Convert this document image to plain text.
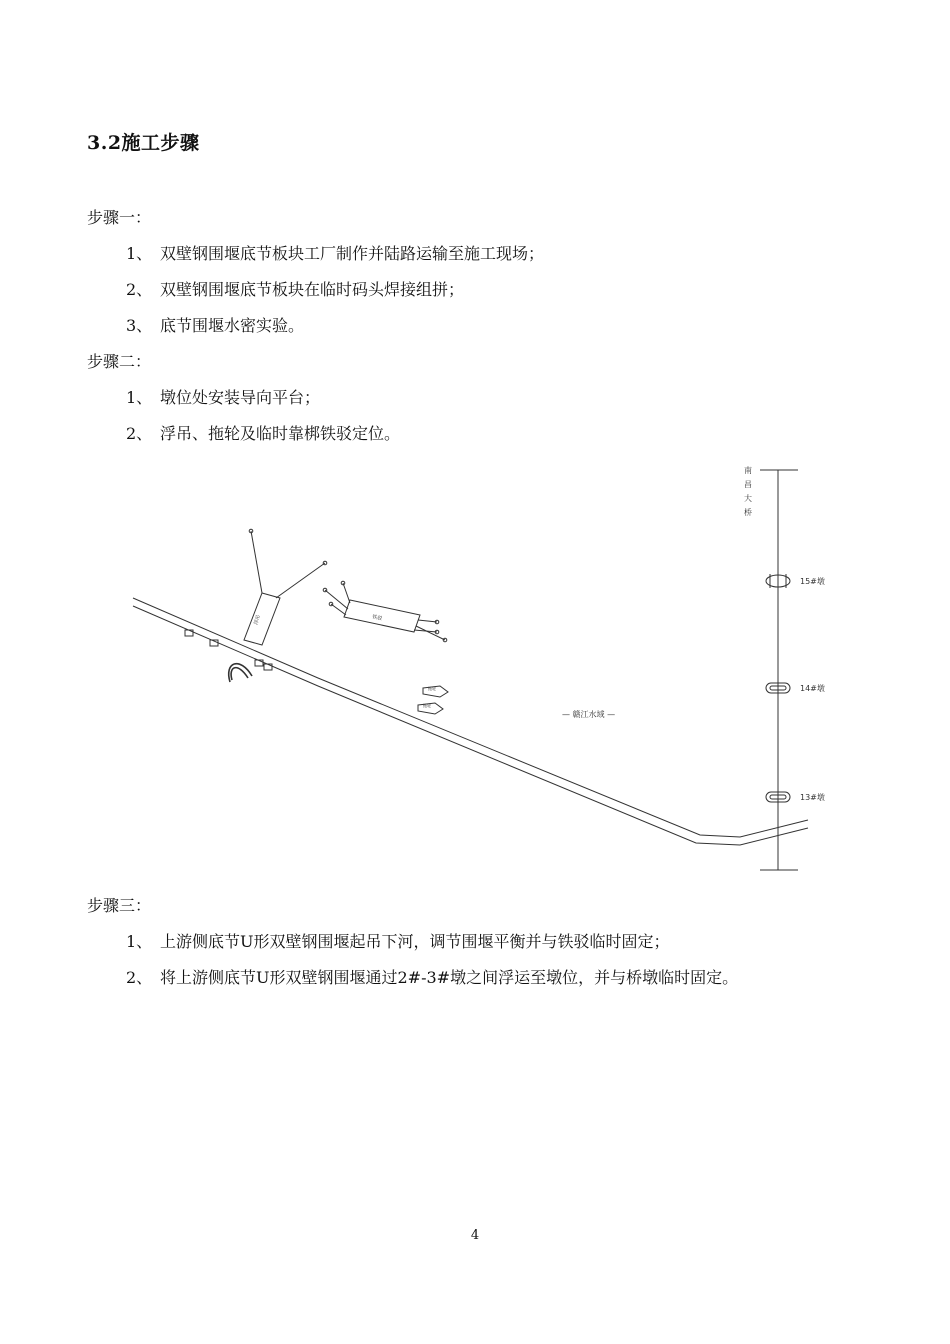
3.2施工步骤
步骤一：
1、 双壁钢围堰底节板块工厂制作并陆路运输至施工现场；
2、 双壁钢围堰底节板块在临时码头焊接组拼；
3、 底节围堰水密实验。
步骤二：
1、 墩位处安装导向平台；
2、 浮吊、拖轮及临时靠梆铁驳定位。
南昌大桥
15#墩
14#墩
13#墩
— 赣江水域 —
浮吊	铁驳
拖轮
拖轮
步骤三：
1、 上游侧底节U形双壁钢围堰起吊下河，调节围堰平衡并与铁驳临时固定；
2、 将上游侧底节U形双壁钢围堰通过2#-3#墩之间浮运至墩位，并与桥墩临时固定。
4
